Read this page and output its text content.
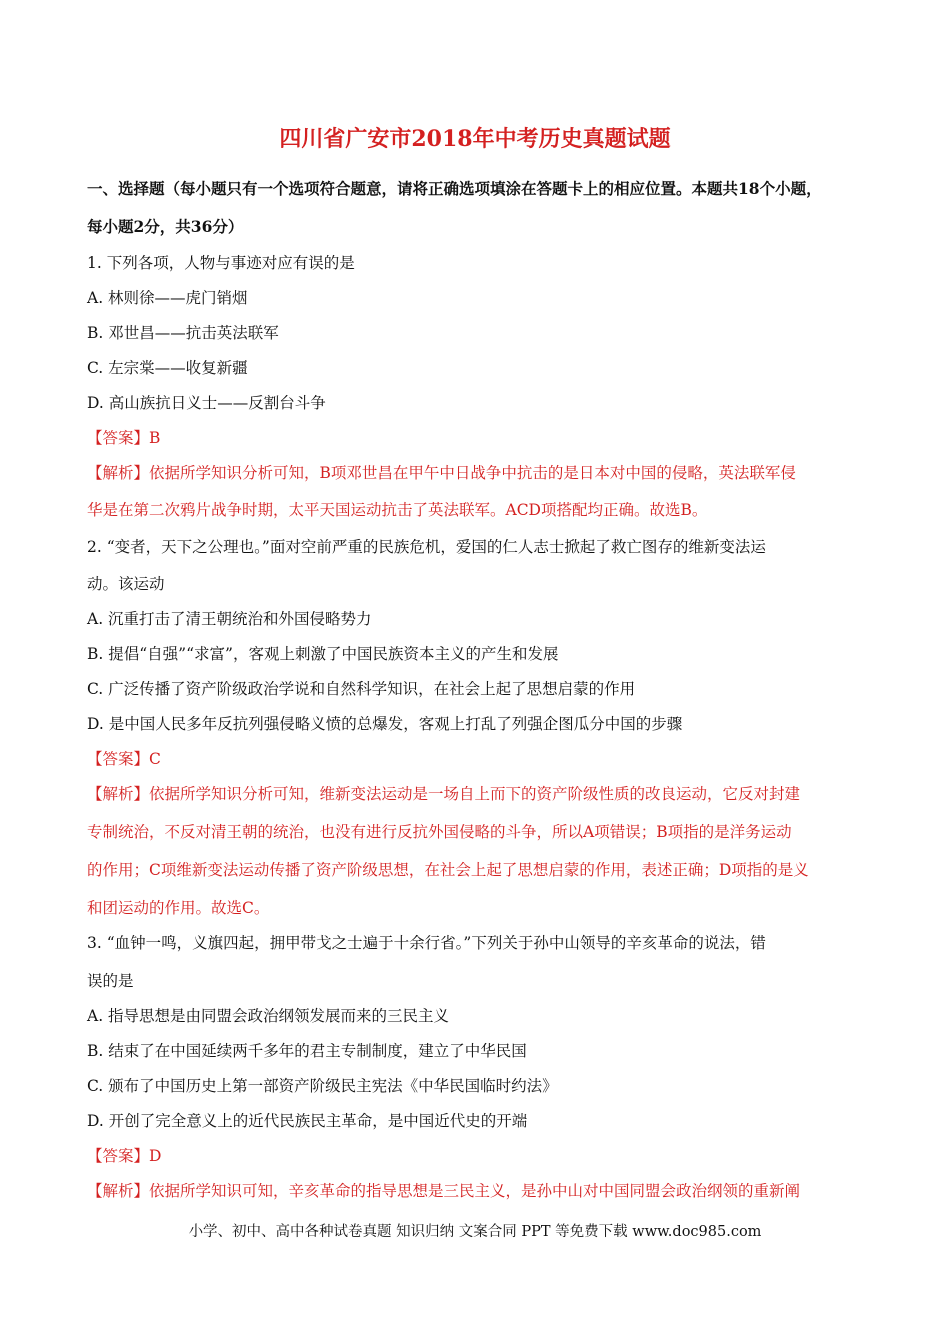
四川省广安市2018年中考历史真题试题

一、选择题（每小题只有一个选项符合题意，请将正确选项填涂在答题卡上的相应位置。本题共18个小题，

每小题2分，共36分）

1. 下列各项，人物与事迹对应有误的是

A. 林则徐——虎门销烟

B. 邓世昌——抗击英法联军

C. 左宗棠——收复新疆

D. 高山族抗日义士——反割台斗争

【答案】B

【解析】依据所学知识分析可知，B项邓世昌在甲午中日战争中抗击的是日本对中国的侵略，英法联军侵

华是在第二次鸦片战争时期，太平天国运动抗击了英法联军。ACD项搭配均正确。故选B。

2. “变者，天下之公理也。”面对空前严重的民族危机，爱国的仁人志士掀起了救亡图存的维新变法运

动。该运动

A. 沉重打击了清王朝统治和外国侵略势力

B. 提倡“自强”“求富”，客观上刺激了中国民族资本主义的产生和发展

C. 广泛传播了资产阶级政治学说和自然科学知识，在社会上起了思想启蒙的作用

D. 是中国人民多年反抗列强侵略义愤的总爆发，客观上打乱了列强企图瓜分中国的步骤

【答案】C

【解析】依据所学知识分析可知，维新变法运动是一场自上而下的资产阶级性质的改良运动，它反对封建

专制统治，不反对清王朝的统治，也没有进行反抗外国侵略的斗争，所以A项错误；B项指的是洋务运动

的作用；C项维新变法运动传播了资产阶级思想，在社会上起了思想启蒙的作用，表述正确；D项指的是义

和团运动的作用。故选C。

3. “血钟一鸣，义旗四起，拥甲带戈之士遍于十余行省。”下列关于孙中山领导的辛亥革命的说法，错

误的是

A. 指导思想是由同盟会政治纲领发展而来的三民主义

B. 结束了在中国延续两千多年的君主专制制度，建立了中华民国

C. 颁布了中国历史上第一部资产阶级民主宪法《中华民国临时约法》

D. 开创了完全意义上的近代民族民主革命，是中国近代史的开端

【答案】D

【解析】依据所学知识可知，辛亥革命的指导思想是三民主义，是孙中山对中国同盟会政治纲领的重新阐

小学、初中、高中各种试卷真题 知识归纳 文案合同 PPT 等免费下载 www.doc985.com
